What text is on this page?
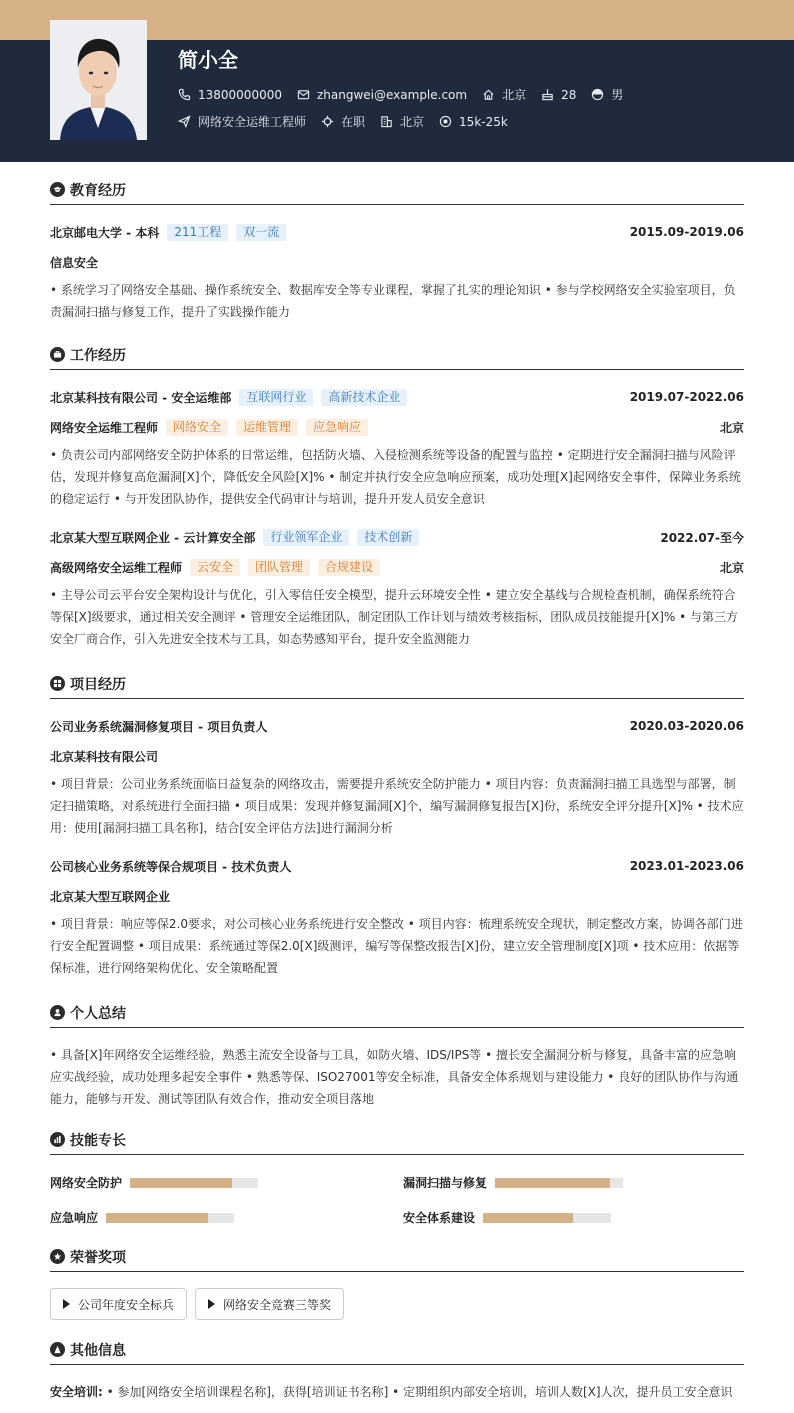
简小全
13800000000	zhangwei@example.com	北京	28	男
网络安全运维工程师	在职	北京	15k-25k
教育经历
北京邮电大学 - 本科	211工程	双一流	2015.09-2019.06
信息安全
• 系统学习了网络安全基础、操作系统安全、数据库安全等专业课程，掌握了扎实的理论知识 • 参与学校网络安全实验室项目，负责漏洞扫描与修复工作，提升了实践操作能力
工作经历
北京某科技有限公司 - 安全运维部	互联网行业	高新技术企业	2019.07-2022.06
网络安全运维工程师	网络安全	运维管理	应急响应	北京
• 负责公司内部网络安全防护体系的日常运维，包括防火墙、入侵检测系统等设备的配置与监控 • 定期进行安全漏洞扫描与风险评估，发现并修复高危漏洞[X]个，降低安全风险[X]% • 制定并执行安全应急响应预案，成功处理[X]起网络安全事件，保障业务系统的稳定运行 • 与开发团队协作，提供安全代码审计与培训，提升开发人员安全意识
北京某大型互联网企业 - 云计算安全部	行业领军企业	技术创新	2022.07-至今
高级网络安全运维工程师	云安全	团队管理	合规建设	北京
• 主导公司云平台安全架构设计与优化，引入零信任安全模型，提升云环境安全性 • 建立安全基线与合规检查机制，确保系统符合等保[X]级要求，通过相关安全测评 • 管理安全运维团队，制定团队工作计划与绩效考核指标，团队成员技能提升[X]% • 与第三方安全厂商合作，引入先进安全技术与工具，如态势感知平台，提升安全监测能力
项目经历
公司业务系统漏洞修复项目 - 项目负责人	2020.03-2020.06
北京某科技有限公司
• 项目背景：公司业务系统面临日益复杂的网络攻击，需要提升系统安全防护能力 • 项目内容：负责漏洞扫描工具选型与部署，制定扫描策略，对系统进行全面扫描 • 项目成果：发现并修复漏洞[X]个，编写漏洞修复报告[X]份，系统安全评分提升[X]% • 技术应用：使用[漏洞扫描工具名称]，结合[安全评估方法]进行漏洞分析
公司核心业务系统等保合规项目 - 技术负责人	2023.01-2023.06
北京某大型互联网企业
• 项目背景：响应等保2.0要求，对公司核心业务系统进行安全整改 • 项目内容：梳理系统安全现状，制定整改方案，协调各部门进行安全配置调整 • 项目成果：系统通过等保2.0[X]级测评，编写等保整改报告[X]份，建立安全管理制度[X]项 • 技术应用：依据等保标准，进行网络架构优化、安全策略配置
个人总结
• 具备[X]年网络安全运维经验，熟悉主流安全设备与工具，如防火墙、IDS/IPS等 • 擅长安全漏洞分析与修复，具备丰富的应急响应实战经验，成功处理多起安全事件 • 熟悉等保、ISO27001等安全标准，具备安全体系规划与建设能力 • 良好的团队协作与沟通能力，能够与开发、测试等团队有效合作，推动安全项目落地
技能专长
网络安全防护	漏洞扫描与修复
应急响应	安全体系建设
荣誉奖项
公司年度安全标兵	网络安全竞赛三等奖
其他信息
安全培训: • 参加[网络安全培训课程名称]，获得[培训证书名称] • 定期组织内部安全培训，培训人数[X]人次，提升员工安全意识
